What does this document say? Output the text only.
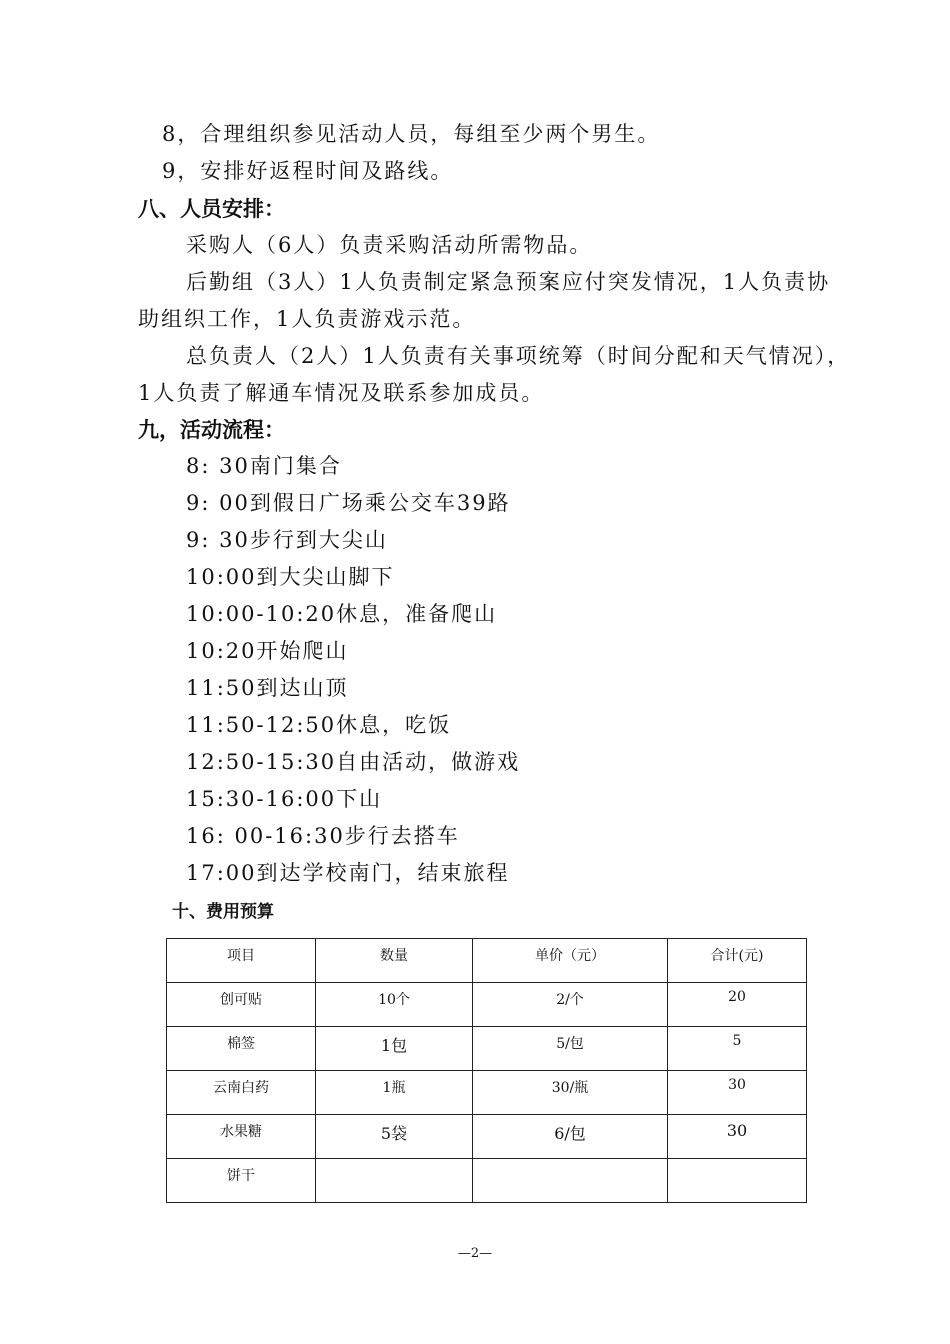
8，合理组织参见活动人员，每组至少两个男生。
9，安排好返程时间及路线。
八、人员安排：
采购人（6人）负责采购活动所需物品。
后勤组（3人）1人负责制定紧急预案应付突发情况，1人负责协
助组织工作，1人负责游戏示范。
总负责人（2人）1人负责有关事项统筹（时间分配和天气情况），
1人负责了解通车情况及联系参加成员。
九，活动流程：
8: 30南门集合
9: 00到假日广场乘公交车39路
9: 30步行到大尖山
10:00到大尖山脚下
10:00-10:20休息，准备爬山
10:20开始爬山
11:50到达山顶
11:50-12:50休息，吃饭
12:50-15:30自由活动，做游戏
15:30-16:00下山
16: 00-16:30步行去搭车
17:00到达学校南门，结束旅程
十、费用预算
项目	数量	单价（元）	合计(元)
创可贴	10个	2/个	20
棉签	1包	5/包	5
云南白药	1瓶	30/瓶	30
水果糖	5袋	6/包	30
饼干			
—2—
